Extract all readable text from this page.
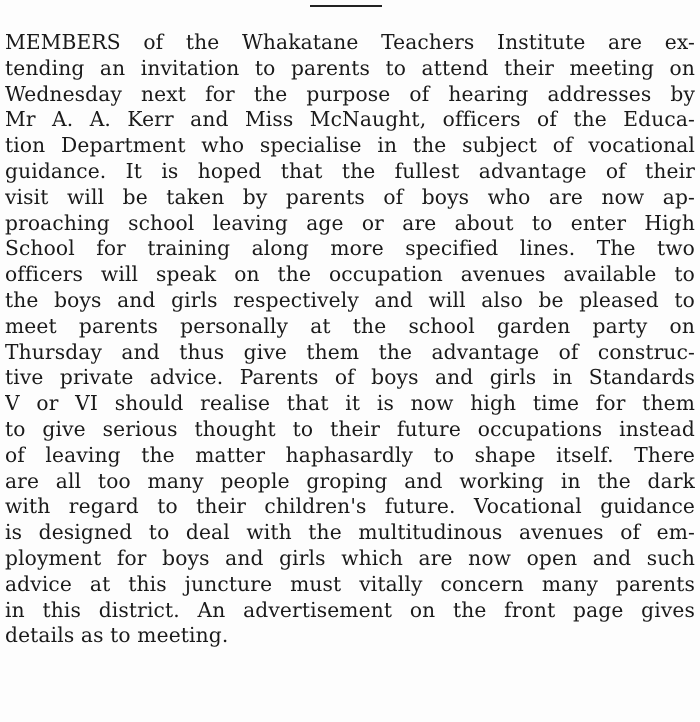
MEMBERS of the Whakatane Teachers Institute are ex-
tending an invitation to parents to attend their meeting on
Wednesday next for the purpose of hearing addresses by
Mr A. A. Kerr and Miss McNaught, officers of the Educa-
tion Department who specialise in the subject of vocational
guidance. It is hoped that the fullest advantage of their
visit will be taken by parents of boys who are now ap-
proaching school leaving age or are about to enter High
School for training along more specified lines. The two
officers will speak on the occupation avenues available to
the boys and girls respectively and will also be pleased to
meet parents personally at the school garden party on
Thursday and thus give them the advantage of construc-
tive private advice. Parents of boys and girls in Standards
V or VI should realise that it is now high time for them
to give serious thought to their future occupations instead
of leaving the matter haphasardly to shape itself. There
are all too many people groping and working in the dark
with regard to their children's future. Vocational guidance
is designed to deal with the multitudinous avenues of em-
ployment for boys and girls which are now open and such
advice at this juncture must vitally concern many parents
in this district. An advertisement on the front page gives
details as to meeting.
